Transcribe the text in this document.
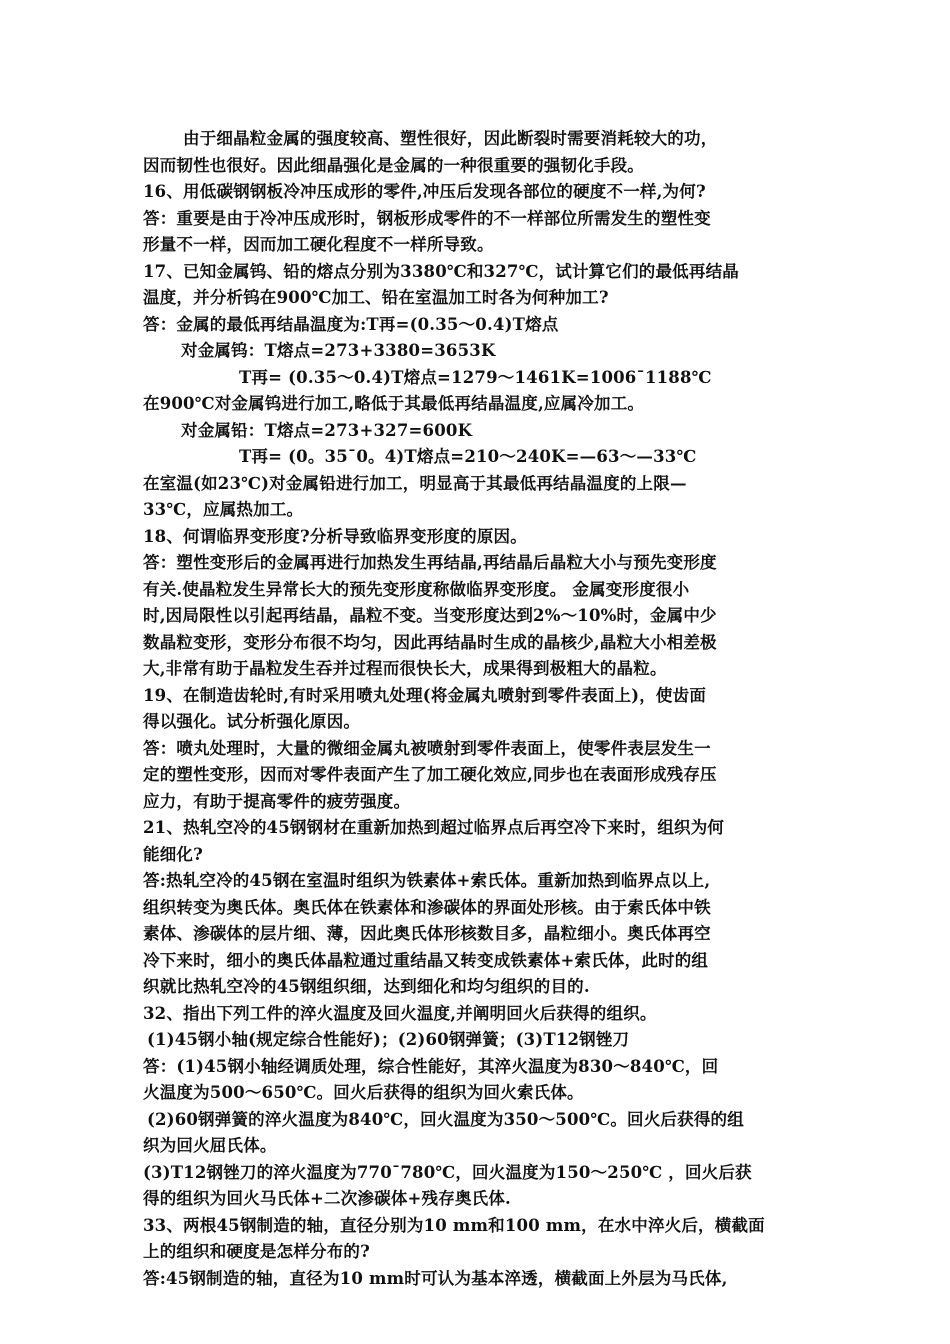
由于细晶粒金属的强度较高、塑性很好，因此断裂时需要消耗较大的功，
因而韧性也很好。因此细晶强化是金属的一种很重要的强韧化手段。
16、用低碳钢钢板冷冲压成形的零件,冲压后发现各部位的硬度不一样,为何?
答：重要是由于冷冲压成形时，钢板形成零件的不一样部位所需发生的塑性变
形量不一样，因而加工硬化程度不一样所导致。
17、已知金属钨、铅的熔点分别为3380℃和327℃，试计算它们的最低再结晶
温度，并分析钨在900℃加工、铅在室温加工时各为何种加工?
答：金属的最低再结晶温度为:T再=(0.35～0.4)T熔点
对金属钨：T熔点=273+3380=3653K
T再= (0.35～0.4)T熔点=1279～1461K=1006¯1188℃
在900℃对金属钨进行加工,略低于其最低再结晶温度,应属冷加工。
对金属铅：T熔点=273+327=600K
T再= (0。35¯0。4)T熔点=210～240K=—63～—33℃
在室温(如23℃)对金属铅进行加工，明显高于其最低再结晶温度的上限—
33℃，应属热加工。
18、何谓临界变形度?分析导致临界变形度的原因。
答：塑性变形后的金属再进行加热发生再结晶,再结晶后晶粒大小与预先变形度
有关.使晶粒发生异常长大的预先变形度称做临界变形度。 金属变形度很小
时,因局限性以引起再结晶，晶粒不变。当变形度达到2%～10%时，金属中少
数晶粒变形，变形分布很不均匀，因此再结晶时生成的晶核少,晶粒大小相差极
大,非常有助于晶粒发生吞并过程而很快长大，成果得到极粗大的晶粒。
19、在制造齿轮时,有时采用喷丸处理(将金属丸喷射到零件表面上)，使齿面
得以强化。试分析强化原因。
答：喷丸处理时，大量的微细金属丸被喷射到零件表面上，使零件表层发生一
定的塑性变形，因而对零件表面产生了加工硬化效应,同步也在表面形成残存压
应力，有助于提高零件的疲劳强度。
21、热轧空冷的45钢钢材在重新加热到超过临界点后再空冷下来时，组织为何
能细化?
答:热轧空冷的45钢在室温时组织为铁素体+索氏体。重新加热到临界点以上,
组织转变为奥氏体。奥氏体在铁素体和渗碳体的界面处形核。由于索氏体中铁
素体、渗碳体的层片细、薄，因此奥氏体形核数目多，晶粒细小。奥氏体再空
冷下来时，细小的奥氏体晶粒通过重结晶又转变成铁素体+索氏体，此时的组
织就比热轧空冷的45钢组织细，达到细化和均匀组织的目的.
32、指出下列工件的淬火温度及回火温度,并阐明回火后获得的组织。
(1)45钢小轴(规定综合性能好)；(2)60钢弹簧；(3)T12钢锉刀
答：(1)45钢小轴经调质处理，综合性能好，其淬火温度为830～840℃，回
火温度为500～650℃。回火后获得的组织为回火索氏体。
(2)60钢弹簧的淬火温度为840℃，回火温度为350～500℃。回火后获得的组
织为回火屈氏体。
(3)T12钢锉刀的淬火温度为770¯780℃，回火温度为150～250℃ ，回火后获
得的组织为回火马氏体+二次渗碳体+残存奥氏体.
33、两根45钢制造的轴，直径分别为10 mm和100 mm，在水中淬火后，横截面
上的组织和硬度是怎样分布的?
答:45钢制造的轴，直径为10 mm时可认为基本淬透，横截面上外层为马氏体,
